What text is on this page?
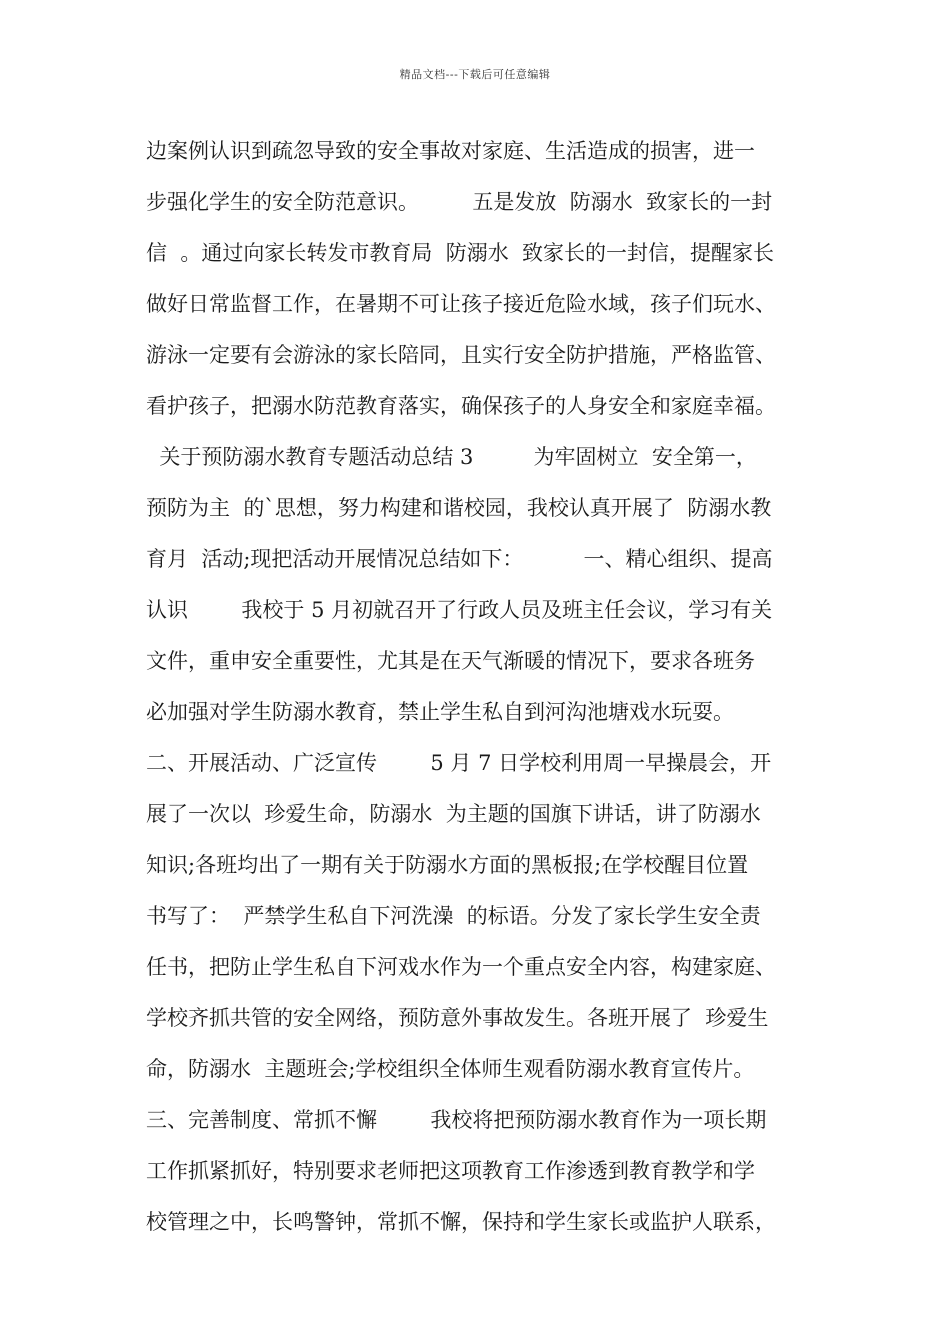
精品文档---下载后可任意编辑
边案例认识到疏忽导致的安全事故对家庭、生活造成的损害，进一
步强化学生的安全防范意识。        五是发放  防溺水  致家长的一封
信  。通过向家长转发市教育局  防溺水  致家长的一封信，提醒家长
做好日常监督工作，在暑期不可让孩子接近危险水域，孩子们玩水、
游泳一定要有会游泳的家长陪同，且实行安全防护措施，严格监管、
看护孩子，把溺水防范教育落实，确保孩子的人身安全和家庭幸福。
关于预防溺水教育专题活动总结 3         为牢固树立  安全第一，
预防为主  的`思想，努力构建和谐校园，我校认真开展了  防溺水教
育月  活动;现把活动开展情况总结如下：         一、精心组织、提高
认识        我校于 5 月初就召开了行政人员及班主任会议，学习有关
文件，重申安全重要性，尤其是在天气渐暖的情况下，要求各班务
必加强对学生防溺水教育，禁止学生私自到河沟池塘戏水玩耍。
二、开展活动、广泛宣传        5 月 7 日学校利用周一早操晨会，开
展了一次以  珍爱生命，防溺水  为主题的国旗下讲话，讲了防溺水
知识;各班均出了一期有关于防溺水方面的黑板报;在学校醒目位置
书写了：  严禁学生私自下河洗澡  的标语。分发了家长学生安全责
任书，把防止学生私自下河戏水作为一个重点安全内容，构建家庭、
学校齐抓共管的安全网络，预防意外事故发生。各班开展了  珍爱生
命，防溺水  主题班会;学校组织全体师生观看防溺水教育宣传片。
三、完善制度、常抓不懈        我校将把预防溺水教育作为一项长期
工作抓紧抓好，特别要求老师把这项教育工作渗透到教育教学和学
校管理之中，长鸣警钟，常抓不懈，保持和学生家长或监护人联系，
